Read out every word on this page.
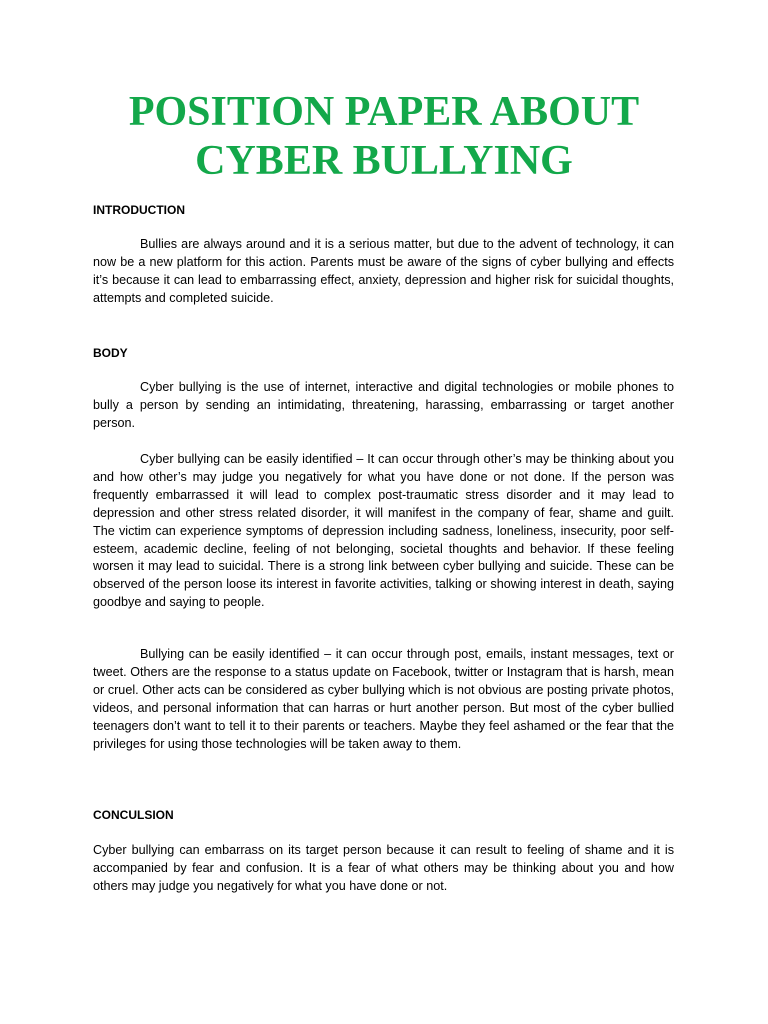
POSITION PAPER ABOUT CYBER BULLYING
INTRODUCTION

Bullies are always around and it is a serious matter, but due to the advent of technology, it can now be a new platform for this action. Parents must be aware of the signs of cyber bullying and effects it’s because it can lead to embarrassing effect, anxiety, depression and higher risk for suicidal thoughts, attempts and completed suicide.

BODY

Cyber bullying is the use of internet, interactive and digital technologies or mobile phones to bully a person by sending an intimidating, threatening, harassing, embarrassing or target another person.

Cyber bullying can be easily identified – It can occur through other’s may be thinking about you and how other’s may judge you negatively for what you have done or not done. If the person was frequently embarrassed it will lead to complex post-traumatic stress disorder and it may lead to depression and other stress related disorder, it will manifest in the company of fear, shame and guilt. The victim can experience symptoms of depression including sadness, loneliness, insecurity, poor self-esteem, academic decline, feeling of not belonging, societal thoughts and behavior. If these feeling worsen it may lead to suicidal. There is a strong link between cyber bullying and suicide. These can be observed of the person loose its interest in favorite activities, talking or showing interest in death, saying goodbye and saying to people.

Bullying can be easily identified – it can occur through post, emails, instant messages, text or tweet. Others are the response to a status update on Facebook, twitter or Instagram that is harsh, mean or cruel. Other acts can be considered as cyber bullying which is not obvious are posting private photos, videos, and personal information that can harras or hurt another person. But most of the cyber bullied teenagers don’t want to tell it to their parents or teachers. Maybe they feel ashamed or the fear that the privileges for using those technologies will be taken away to them.

CONCULSION

Cyber bullying can embarrass on its target person because it can result to feeling of shame and it is accompanied by fear and confusion. It is a fear of what others may be thinking about you and how others may judge you negatively for what you have done or not.
